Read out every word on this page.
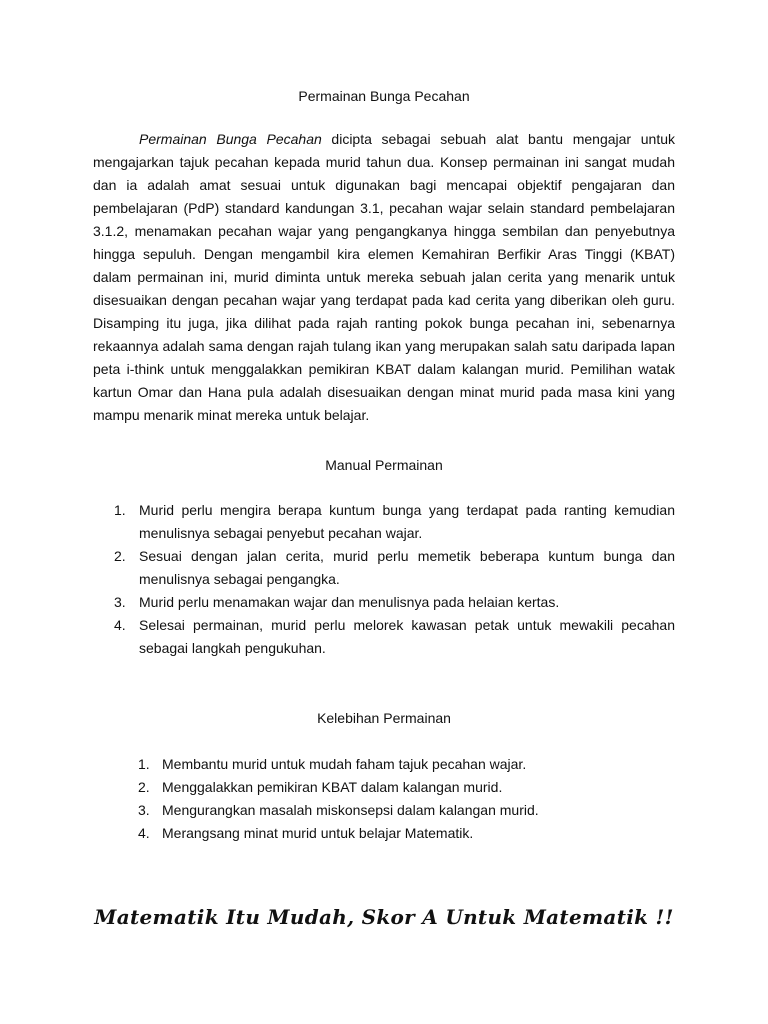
Permainan Bunga Pecahan

Permainan Bunga Pecahan dicipta sebagai sebuah alat bantu mengajar untuk mengajarkan tajuk pecahan kepada murid tahun dua. Konsep permainan ini sangat mudah dan ia adalah amat sesuai untuk digunakan bagi mencapai objektif pengajaran dan pembelajaran (PdP) standard kandungan 3.1, pecahan wajar selain standard pembelajaran 3.1.2, menamakan pecahan wajar yang pengangkanya hingga sembilan dan penyebutnya hingga sepuluh. Dengan mengambil kira elemen Kemahiran Berfikir Aras Tinggi (KBAT) dalam permainan ini, murid diminta untuk mereka sebuah jalan cerita yang menarik untuk disesuaikan dengan pecahan wajar yang terdapat pada kad cerita yang diberikan oleh guru. Disamping itu juga, jika dilihat pada rajah ranting pokok bunga pecahan ini, sebenarnya rekaannya adalah sama dengan rajah tulang ikan yang merupakan salah satu daripada lapan peta i-think untuk menggalakkan pemikiran KBAT dalam kalangan murid. Pemilihan watak kartun Omar dan Hana pula adalah disesuaikan dengan minat murid pada masa kini yang mampu menarik minat mereka untuk belajar.

Manual Permainan
1. Murid perlu mengira berapa kuntum bunga yang terdapat pada ranting kemudian menulisnya sebagai penyebut pecahan wajar.
2. Sesuai dengan jalan cerita, murid perlu memetik beberapa kuntum bunga dan menulisnya sebagai pengangka.
3. Murid perlu menamakan wajar dan menulisnya pada helaian kertas.
4. Selesai permainan, murid perlu melorek kawasan petak untuk mewakili pecahan sebagai langkah pengukuhan.
Kelebihan Permainan
1. Membantu murid untuk mudah faham tajuk pecahan wajar.
2. Menggalakkan pemikiran KBAT dalam kalangan murid.
3. Mengurangkan masalah miskonsepsi dalam kalangan murid.
4. Merangsang minat murid untuk belajar Matematik.

Matematik Itu Mudah, Skor A Untuk Matematik !!
